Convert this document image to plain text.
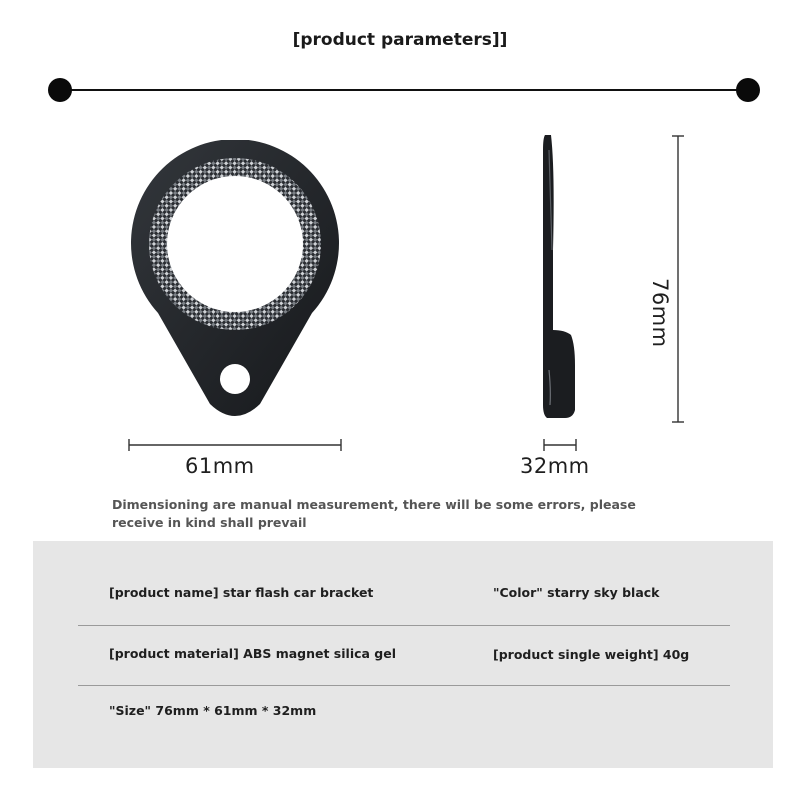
[product parameters]]
61mm	32mm
76mm
Dimensioning are manual measurement, there will be some errors, please receive in kind shall prevail
[product name] star flash car bracket	"Color" starry sky black
[product material] ABS magnet silica gel	[product single weight] 40g
"Size" 76mm * 61mm * 32mm
